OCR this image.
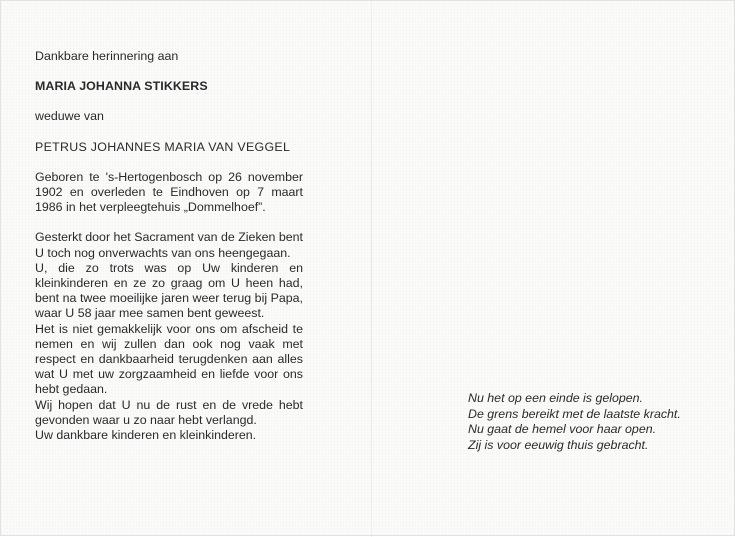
Dankbare herinnering aan

MARIA JOHANNA STIKKERS

weduwe van

PETRUS JOHANNES MARIA VAN VEGGEL

Geboren te 's-Hertogenbosch op 26 november 1902 en overleden te Eindhoven op 7 maart 1986 in het verpleegtehuis „Dommelhoef”.

Gesterkt door het Sacrament van de Zieken bent U toch nog onverwachts van ons heengegaan.

U, die zo trots was op Uw kinderen en kleinkinderen en ze zo graag om U heen had, bent na twee moeilijke jaren weer terug bij Papa, waar U 58 jaar mee samen bent geweest.

Het is niet gemakkelijk voor ons om afscheid te nemen en wij zullen dan ook nog vaak met respect en dankbaarheid terugdenken aan alles wat U met uw zorgzaamheid en liefde voor ons hebt gedaan.

Wij hopen dat U nu de rust en de vrede hebt gevonden waar u zo naar hebt verlangd.

Uw dankbare kinderen en kleinkinderen.

Nu het op een einde is gelopen.

De grens bereikt met de laatste kracht.

Nu gaat de hemel voor haar open.

Zij is voor eeuwig thuis gebracht.
